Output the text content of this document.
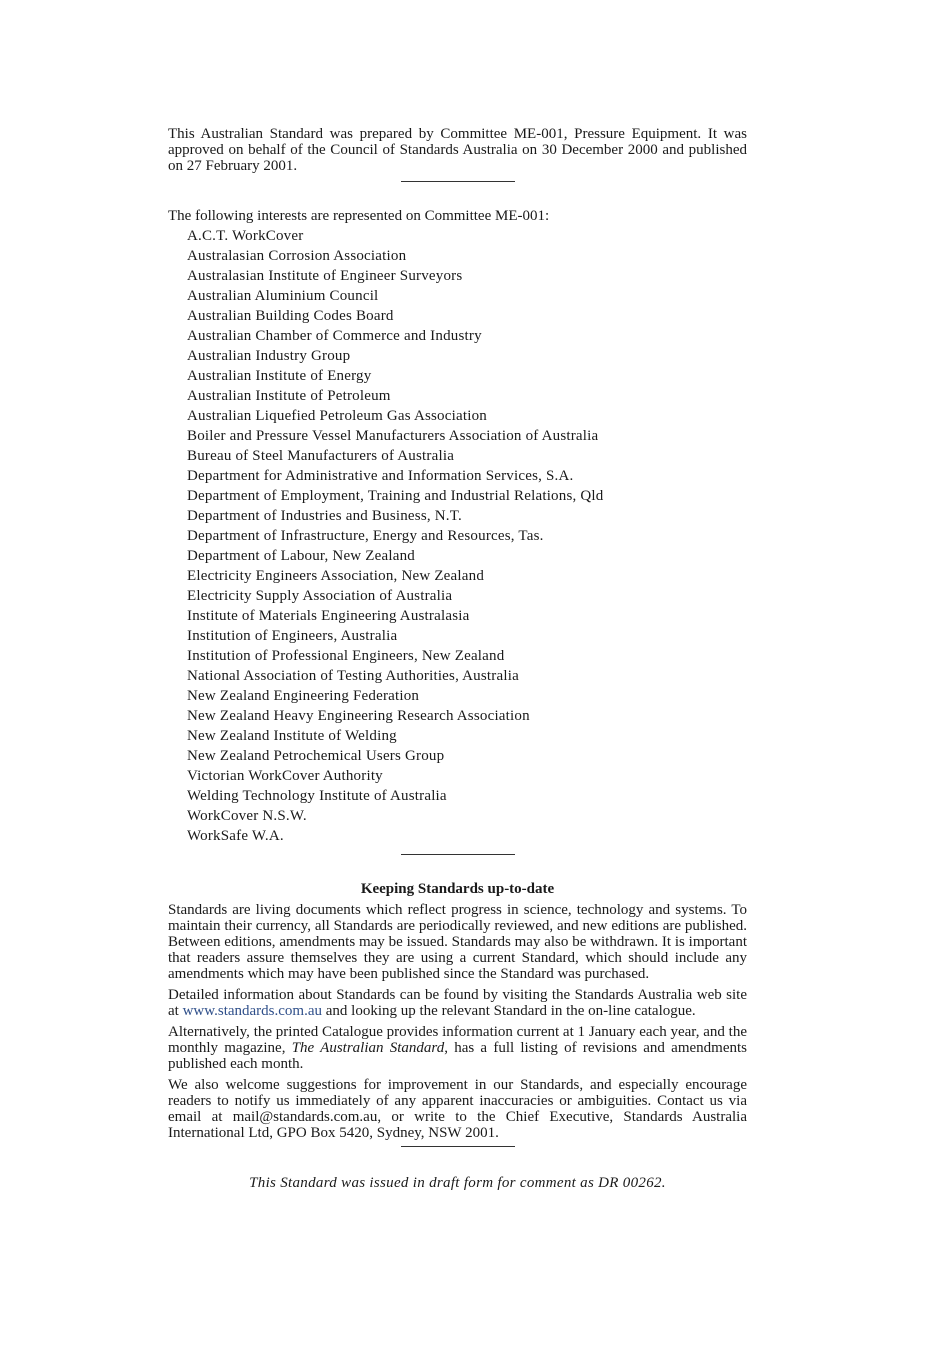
This Australian Standard was prepared by Committee ME-001, Pressure Equipment. It was approved on behalf of the Council of Standards Australia on 30 December 2000 and published on 27 February 2001.

The following interests are represented on Committee ME-001:

A.C.T. WorkCover
Australasian Corrosion Association
Australasian Institute of Engineer Surveyors
Australian Aluminium Council
Australian Building Codes Board
Australian Chamber of Commerce and Industry
Australian Industry Group
Australian Institute of Energy
Australian Institute of Petroleum
Australian Liquefied Petroleum Gas Association
Boiler and Pressure Vessel Manufacturers Association of Australia
Bureau of Steel Manufacturers of Australia
Department for Administrative and Information Services, S.A.
Department of Employment, Training and Industrial Relations, Qld
Department of Industries and Business, N.T.
Department of Infrastructure, Energy and Resources, Tas.
Department of Labour, New Zealand
Electricity Engineers Association, New Zealand
Electricity Supply Association of Australia
Institute of Materials Engineering Australasia
Institution of Engineers, Australia
Institution of Professional Engineers, New Zealand
National Association of Testing Authorities, Australia
New Zealand Engineering Federation
New Zealand Heavy Engineering Research Association
New Zealand Institute of Welding
New Zealand Petrochemical Users Group
Victorian WorkCover Authority
Welding Technology Institute of Australia
WorkCover N.S.W.
WorkSafe W.A.

Keeping Standards up-to-date

Standards are living documents which reflect progress in science, technology and systems. To maintain their currency, all Standards are periodically reviewed, and new editions are published. Between editions, amendments may be issued. Standards may also be withdrawn. It is important that readers assure themselves they are using a current Standard, which should include any amendments which may have been published since the Standard was purchased.

Detailed information about Standards can be found by visiting the Standards Australia web site at www.standards.com.au and looking up the relevant Standard in the on-line catalogue.

Alternatively, the printed Catalogue provides information current at 1 January each year, and the monthly magazine, The Australian Standard, has a full listing of revisions and amendments published each month.

We also welcome suggestions for improvement in our Standards, and especially encourage readers to notify us immediately of any apparent inaccuracies or ambiguities. Contact us via email at mail@standards.com.au, or write to the Chief Executive, Standards Australia International Ltd, GPO Box 5420, Sydney, NSW 2001.

This Standard was issued in draft form for comment as DR 00262.
